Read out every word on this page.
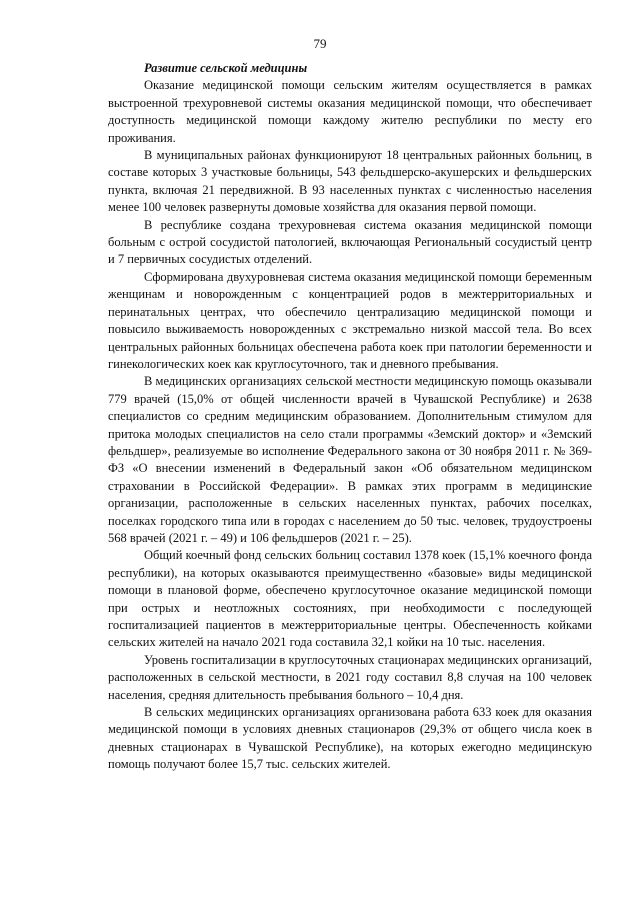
79

Развитие сельской медицины

Оказание медицинской помощи сельским жителям осуществляется в рамках выстроенной трехуровневой системы оказания медицинской помощи, что обеспечивает доступность медицинской помощи каждому жителю республики по месту его проживания.

В муниципальных районах функционируют 18 центральных районных больниц, в составе которых 3 участковые больницы, 543 фельдшерско-акушерских и фельдшерских пункта, включая 21 передвижной. В 93 населенных пунктах с численностью населения менее 100 человек развернуты домовые хозяйства для оказания первой помощи.

В республике создана трехуровневая система оказания медицинской помощи больным с острой сосудистой патологией, включающая Региональный сосудистый центр и 7 первичных сосудистых отделений.

Сформирована двухуровневая система оказания медицинской помощи беременным женщинам и новорожденным с концентрацией родов в межтерриториальных и перинатальных центрах, что обеспечило централизацию медицинской помощи и повысило выживаемость новорожденных с экстремально низкой массой тела. Во всех центральных районных больницах обеспечена работа коек при патологии беременности и гинекологических коек как круглосуточного, так и дневного пребывания.

В медицинских организациях сельской местности медицинскую помощь оказывали 779 врачей (15,0% от общей численности врачей в Чувашской Республике) и 2638 специалистов со средним медицинским образованием. Дополнительным стимулом для притока молодых специалистов на село стали программы «Земский доктор» и «Земский фельдшер», реализуемые во исполнение Федерального закона от 30 ноября 2011 г. № 369-ФЗ «О внесении изменений в Федеральный закон «Об обязательном медицинском страховании в Российской Федерации». В рамках этих программ в медицинские организации, расположенные в сельских населенных пунктах, рабочих поселках, поселках городского типа или в городах с населением до 50 тыс. человек, трудоустроены 568 врачей (2021 г. – 49) и 106 фельдшеров (2021 г. – 25).

Общий коечный фонд сельских больниц составил 1378 коек (15,1% коечного фонда республики), на которых оказываются преимущественно «базовые» виды медицинской помощи в плановой форме, обеспечено круглосуточное оказание медицинской помощи при острых и неотложных состояниях, при необходимости с последующей госпитализацией пациентов в межтерриториальные центры. Обеспеченность койками сельских жителей на начало 2021 года составила 32,1 койки на 10 тыс. населения.

Уровень госпитализации в круглосуточных стационарах медицинских организаций, расположенных в сельской местности, в 2021 году составил 8,8 случая на 100 человек населения, средняя длительность пребывания больного – 10,4 дня.

В сельских медицинских организациях организована работа 633 коек для оказания медицинской помощи в условиях дневных стационаров (29,3% от общего числа коек в дневных стационарах в Чувашской Республике), на которых ежегодно медицинскую помощь получают более 15,7 тыс. сельских жителей.
